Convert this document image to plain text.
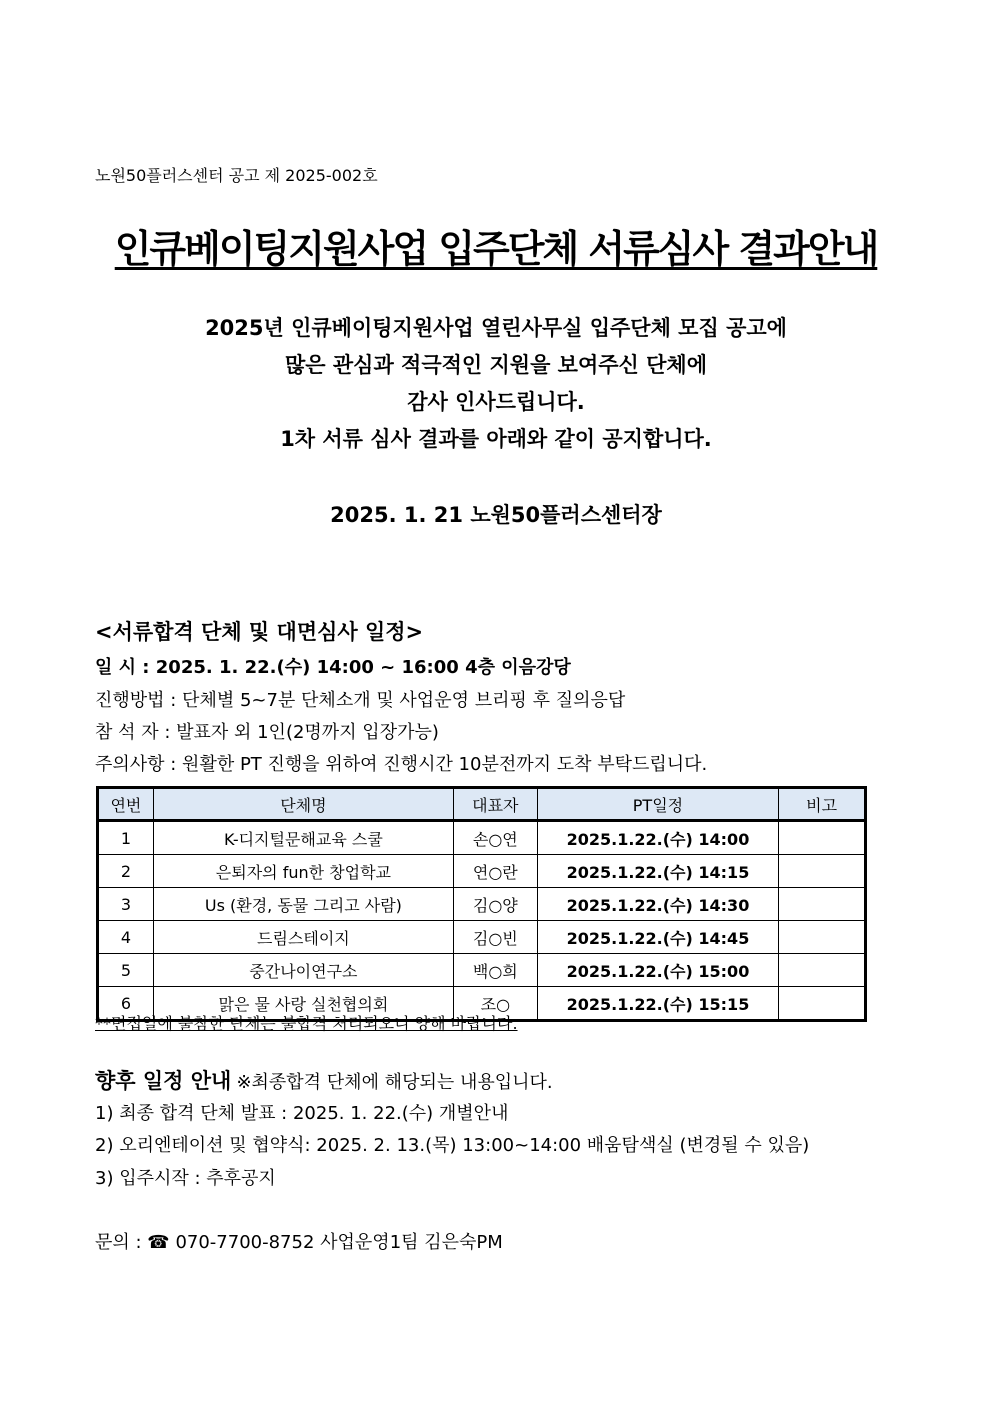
노원50플러스센터 공고 제 2025-002호
인큐베이팅지원사업 입주단체 서류심사 결과안내
2025년 인큐베이팅지원사업 열린사무실 입주단체 모집 공고에
많은 관심과 적극적인 지원을 보여주신 단체에
감사 인사드립니다.
1차 서류 심사 결과를 아래와 같이 공지합니다.
2025. 1. 21 노원50플러스센터장
<서류합격 단체 및 대면심사 일정>
일 시 : 2025. 1. 22.(수) 14:00 ~ 16:00 4층 이음강당
진행방법 : 단체별 5~7분 단체소개 및 사업운영 브리핑 후 질의응답
참 석 자 : 발표자 외 1인(2명까지 입장가능)
주의사항 : 원활한 PT 진행을 위하여 진행시간 10분전까지 도착 부탁드립니다.
연번	단체명	대표자	PT일정	비고
1	K-디지털문해교육 스쿨	손○연	2025.1.22.(수) 14:00	
2	은퇴자의 fun한 창업학교	연○란	2025.1.22.(수) 14:15	
3	Us (환경, 동물 그리고 사람)	김○양	2025.1.22.(수) 14:30	
4	드림스테이지	김○빈	2025.1.22.(수) 14:45	
5	중간나이연구소	백○희	2025.1.22.(수) 15:00	
6	맑은 물 사랑 실천협의회	조○	2025.1.22.(수) 15:15	
**면접일에 불참한 단체는 불합격 처리되오니 양해 바랍니다.
향후 일정 안내 ※최종합격 단체에 해당되는 내용입니다.
1) 최종 합격 단체 발표 : 2025. 1. 22.(수) 개별안내
2) 오리엔테이션 및 협약식: 2025. 2. 13.(목) 13:00~14:00 배움탐색실 (변경될 수 있음)
3) 입주시작 : 추후공지
문의 : ☎ 070-7700-8752 사업운영1팀 김은숙PM
